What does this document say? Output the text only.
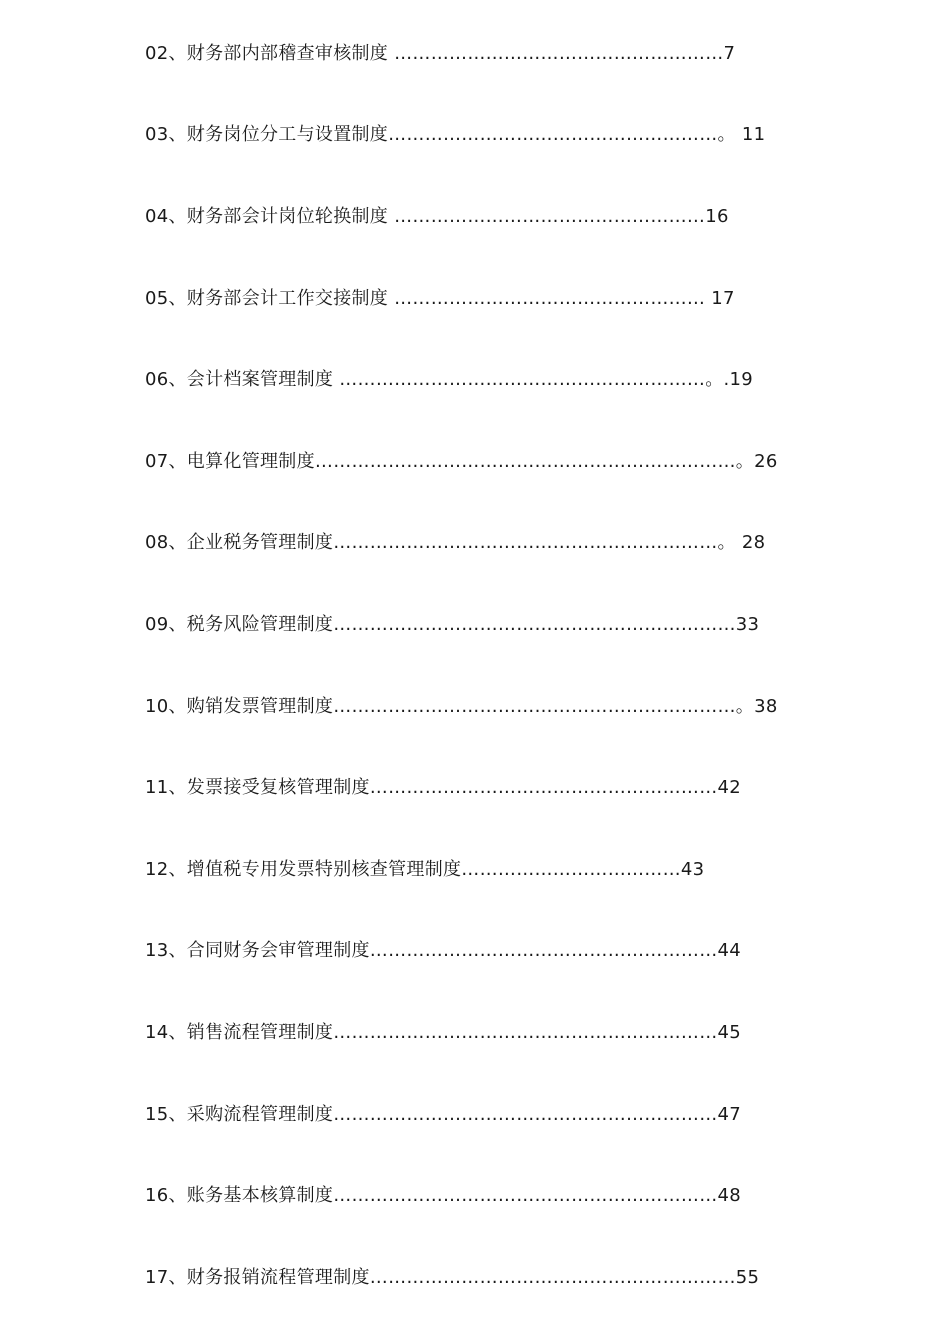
02、财务部内部稽查审核制度 ………………………………………………7
03、财务岗位分工与设置制度………………………………………………。 11
04、财务部会计岗位轮换制度 ……………………………………………16
05、财务部会计工作交接制度 …………………………………………… 17
06、会计档案管理制度 ……………………………………………………。.19
07、电算化管理制度……………………………………………………………。26
08、企业税务管理制度………………………………………………………。 28
09、税务风险管理制度…………………………………………………………33
10、购销发票管理制度…………………………………………………………。38
11、发票接受复核管理制度…………………………………………………42
12、增值税专用发票特别核查管理制度………………………………43
13、合同财务会审管理制度…………………………………………………44
14、销售流程管理制度………………………………………………………45
15、采购流程管理制度………………………………………………………47
16、账务基本核算制度………………………………………………………48
17、财务报销流程管理制度……………………………………………………55
